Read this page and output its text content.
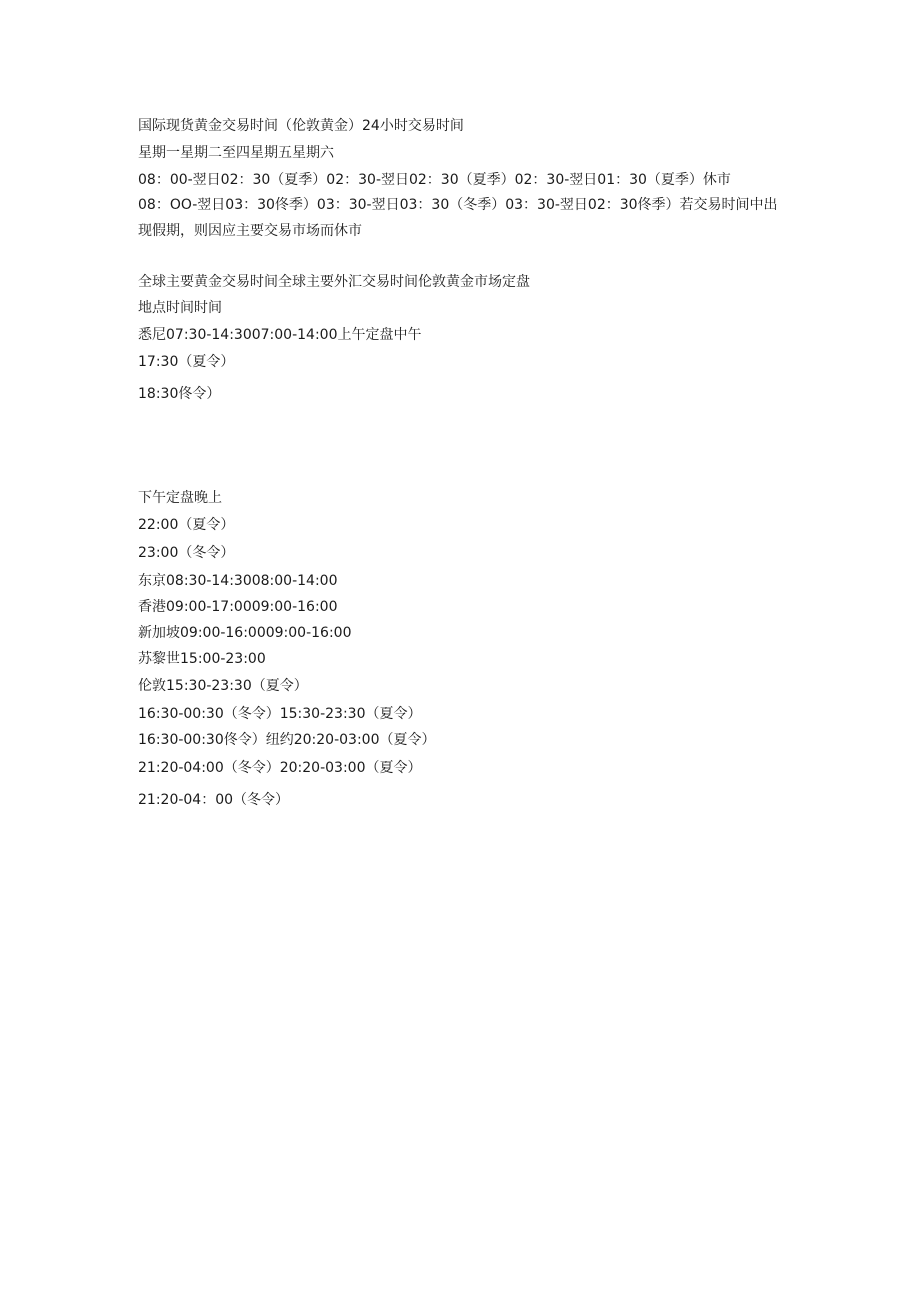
国际现货黄金交易时间（伦敦黄金）24小时交易时间
星期一星期二至四星期五星期六
08：00-翌日02：30（夏季）02：30-翌日02：30（夏季）02：30-翌日01：30（夏季）休市
08：OO-翌日03：30佟季）03：30-翌日03：30（冬季）03：30-翌日02：30佟季）若交易时间中出现假期，则因应主要交易市场而休市
全球主要黄金交易时间全球主要外汇交易时间伦敦黄金市场定盘
地点时间时间
悉尼07:30-14:3007:00-14:00上午定盘中午
17:30（夏令）
18:30佟令）
下午定盘晚上
22:00（夏令）
23:00（冬令）
东京08:30-14:3008:00-14:00
香港09:00-17:0009:00-16:00
新加坡09:00-16:0009:00-16:00
苏黎世15:00-23:00
伦敦15:30-23:30（夏令）
16:30-00:30（冬令）15:30-23:30（夏令）
16:30-00:30佟令）纽约20:20-03:00（夏令）
21:20-04:00（冬令）20:20-03:00（夏令）
21:20-04：00（冬令）
